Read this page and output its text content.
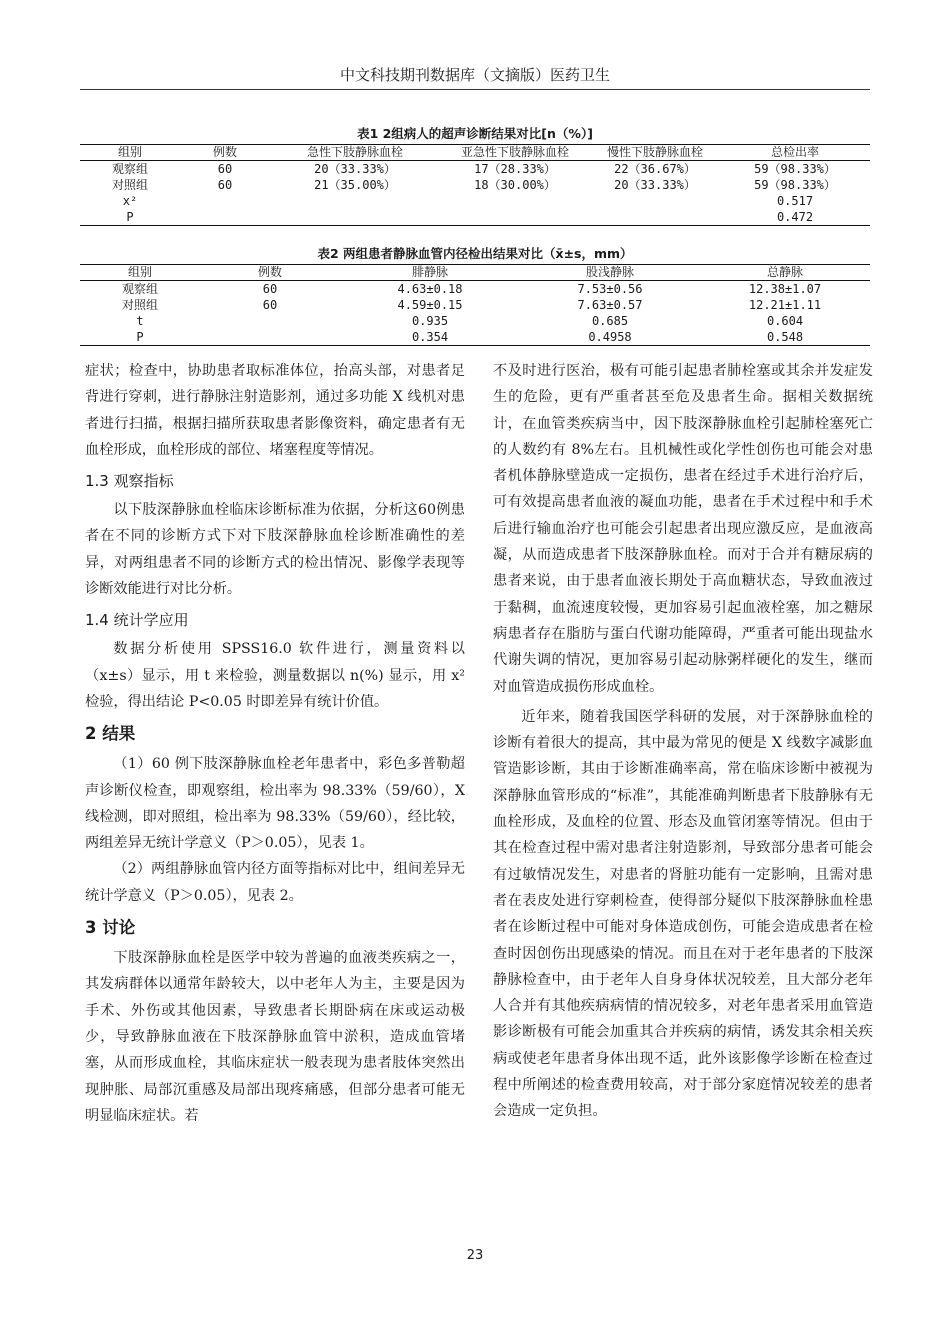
中文科技期刊数据库（文摘版）医药卫生
表1 2组病人的超声诊断结果对比[n（%）]
组别	例数	急性下肢静脉血栓	亚急性下肢静脉血栓	慢性下肢静脉血栓	总检出率
观察组	60	20（33.33%）	17（28.33%）	22（36.67%）	59（98.33%）
对照组	60	21（35.00%）	18（30.00%）	20（33.33%）	59（98.33%）
x²					0.517
P					0.472
表2 两组患者静脉血管内径检出结果对比（x̄±s，mm）
组别	例数	腓静脉	股浅静脉	总静脉
观察组	60	4.63±0.18	7.53±0.56	12.38±1.07
对照组	60	4.59±0.15	7.63±0.57	12.21±1.11
t		0.935	0.685	0.604
P		0.354	0.4958	0.548

症状；检查中，协助患者取标准体位，抬高头部，对患者足背进行穿刺，进行静脉注射造影剂，通过多功能 X 线机对患者进行扫描，根据扫描所获取患者影像资料，确定患者有无血栓形成，血栓形成的部位、堵塞程度等情况。

1.3 观察指标

以下肢深静脉血栓临床诊断标准为依据，分析这60例患者在不同的诊断方式下对下肢深静脉血栓诊断准确性的差异，对两组患者不同的诊断方式的检出情况、影像学表现等诊断效能进行对比分析。

1.4 统计学应用

数据分析使用 SPSS16.0 软件进行，测量资料以（x±s）显示，用 t 来检验，测量数据以 n(%) 显示，用 x²检验，得出结论 P<0.05 时即差异有统计价值。

2 结果

（1）60 例下肢深静脉血栓老年患者中，彩色多普勒超声诊断仪检查，即观察组，检出率为 98.33%（59/60），X 线检测，即对照组，检出率为 98.33%（59/60），经比较，两组差异无统计学意义（P＞0.05），见表 1。

（2）两组静脉血管内径方面等指标对比中，组间差异无统计学意义（P＞0.05），见表 2。

3 讨论

下肢深静脉血栓是医学中较为普遍的血液类疾病之一，其发病群体以通常年龄较大，以中老年人为主，主要是因为手术、外伤或其他因素，导致患者长期卧病在床或运动极少，导致静脉血液在下肢深静脉血管中淤积，造成血管堵塞，从而形成血栓，其临床症状一般表现为患者肢体突然出现肿胀、局部沉重感及局部出现疼痛感，但部分患者可能无明显临床症状。若

不及时进行医治，极有可能引起患者肺栓塞或其余并发症发生的危险，更有严重者甚至危及患者生命。据相关数据统计，在血管类疾病当中，因下肢深静脉血栓引起肺栓塞死亡的人数约有 8%左右。且机械性或化学性创伤也可能会对患者机体静脉壁造成一定损伤，患者在经过手术进行治疗后，可有效提高患者血液的凝血功能，患者在手术过程中和手术后进行输血治疗也可能会引起患者出现应激反应，是血液高凝，从而造成患者下肢深静脉血栓。而对于合并有糖尿病的患者来说，由于患者血液长期处于高血糖状态，导致血液过于黏稠，血流速度较慢，更加容易引起血液栓塞，加之糖尿病患者存在脂肪与蛋白代谢功能障碍，严重者可能出现盐水代谢失调的情况，更加容易引起动脉粥样硬化的发生，继而对血管造成损伤形成血栓。

近年来，随着我国医学科研的发展，对于深静脉血栓的诊断有着很大的提高，其中最为常见的便是 X 线数字减影血管造影诊断，其由于诊断准确率高，常在临床诊断中被视为深静脉血管形成的“标准”，其能准确判断患者下肢静脉有无血栓形成，及血栓的位置、形态及血管闭塞等情况。但由于其在检查过程中需对患者注射造影剂，导致部分患者可能会有过敏情况发生，对患者的肾脏功能有一定影响，且需对患者在表皮处进行穿刺检查，使得部分疑似下肢深静脉血栓患者在诊断过程中可能对身体造成创伤，可能会造成患者在检查时因创伤出现感染的情况。而且在对于老年患者的下肢深静脉检查中，由于老年人自身身体状况较差，且大部分老年人合并有其他疾病病情的情况较多，对老年患者采用血管造影诊断极有可能会加重其合并疾病的病情，诱发其余相关疾病或使老年患者身体出现不适，此外该影像学诊断在检查过程中所阐述的检查费用较高，对于部分家庭情况较差的患者会造成一定负担。

23
